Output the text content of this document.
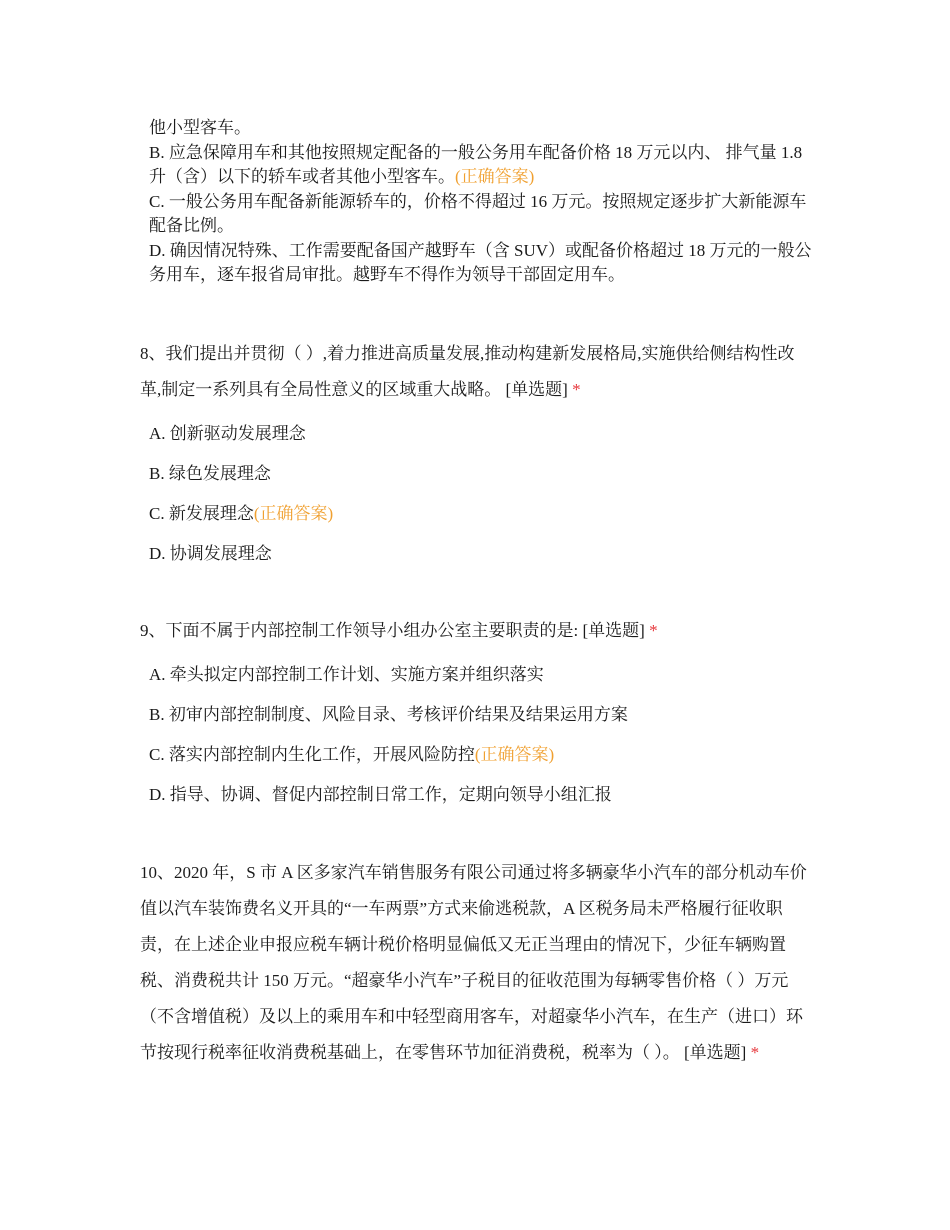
他小型客车。
B. 应急保障用车和其他按照规定配备的一般公务用车配备价格 18 万元以内、 排气量 1.8 升（含）以下的轿车或者其他小型客车。(正确答案)
C. 一般公务用车配备新能源轿车的，价格不得超过 16 万元。按照规定逐步扩大新能源车配备比例。
D. 确因情况特殊、工作需要配备国产越野车（含 SUV）或配备价格超过 18 万元的一般公务用车，逐车报省局审批。越野车不得作为领导干部固定用车。
8、我们提出并贯彻（ ）,着力推进高质量发展,推动构建新发展格局,实施供给侧结构性改革,制定一系列具有全局性意义的区域重大战略。 [单选题] *
A. 创新驱动发展理念
B. 绿色发展理念
C. 新发展理念(正确答案)
D. 协调发展理念
9、下面不属于内部控制工作领导小组办公室主要职责的是: [单选题] *
A. 牵头拟定内部控制工作计划、实施方案并组织落实
B. 初审内部控制制度、风险目录、考核评价结果及结果运用方案
C. 落实内部控制内生化工作，开展风险防控(正确答案)
D. 指导、协调、督促内部控制日常工作，定期向领导小组汇报
10、2020 年，S 市 A 区多家汽车销售服务有限公司通过将多辆豪华小汽车的部分机动车价值以汽车装饰费名义开具的“一车两票”方式来偷逃税款，A 区税务局未严格履行征收职责，在上述企业申报应税车辆计税价格明显偏低又无正当理由的情况下，少征车辆购置税、消费税共计 150 万元。“超豪华小汽车”子税目的征收范围为每辆零售价格（ ）万元（不含增值税）及以上的乘用车和中轻型商用客车，对超豪华小汽车，在生产（进口）环节按现行税率征收消费税基础上，在零售环节加征消费税，税率为（ ）。 [单选题] *
